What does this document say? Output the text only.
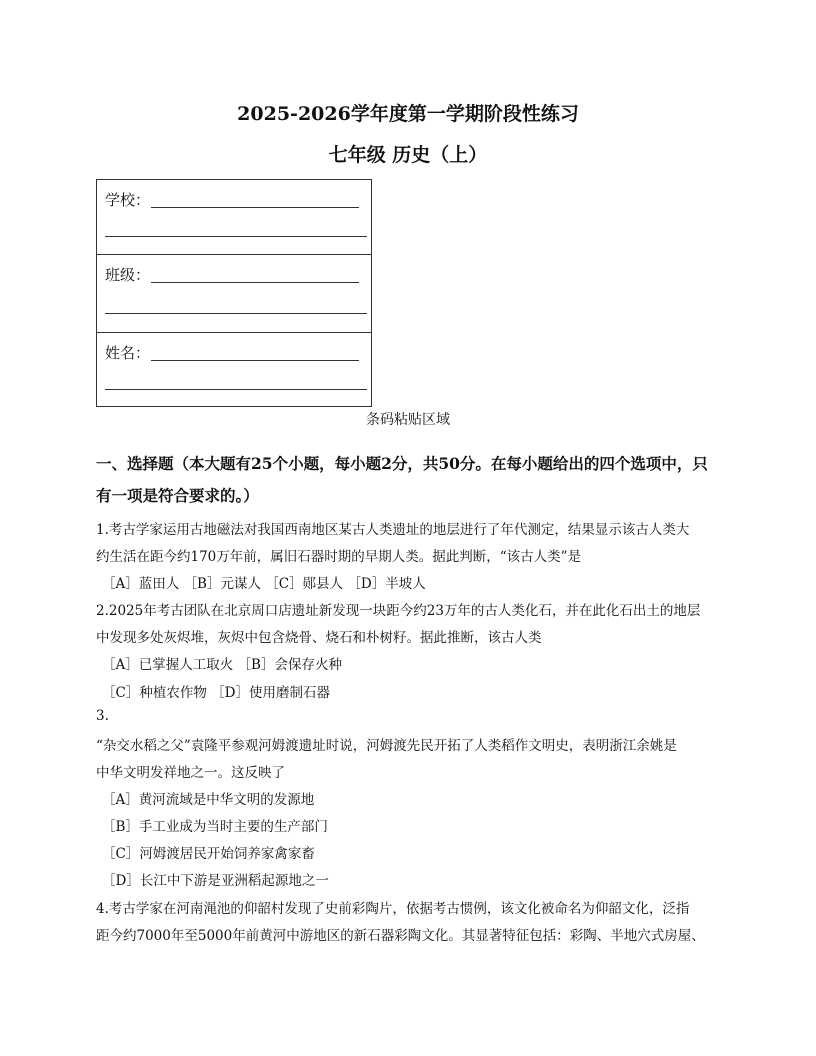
2025-2026学年度第一学期阶段性练习
七年级 历史（上）
学校：
班级：
姓名：
条码粘贴区域
一、选择题（本大题有25个小题，每小题2分，共50分。在每小题给出的四个选项中，只
有一项是符合要求的。）
1.考古学家运用古地磁法对我国西南地区某古人类遗址的地层进行了年代测定，结果显示该古人类大
约生活在距今约170万年前，属旧石器时期的早期人类。据此判断，“该古人类”是
［A］蓝田人 ［B］元谋人 ［C］郧县人 ［D］半坡人
2.2025年考古团队在北京周口店遗址新发现一块距今约23万年的古人类化石，并在此化石出土的地层
中发现多处灰烬堆，灰烬中包含烧骨、烧石和朴树籽。据此推断，该古人类
［A］已掌握人工取火 ［B］会保存火种
［C］种植农作物 ［D］使用磨制石器
3.
“杂交水稻之父”袁隆平参观河姆渡遗址时说，河姆渡先民开拓了人类稻作文明史，表明浙江余姚是
中华文明发祥地之一。这反映了
［A］黄河流域是中华文明的发源地
［B］手工业成为当时主要的生产部门
［C］河姆渡居民开始饲养家禽家畜
［D］长江中下游是亚洲稻起源地之一
4.考古学家在河南渑池的仰韶村发现了史前彩陶片，依据考古惯例，该文化被命名为仰韶文化，泛指
距今约7000年至5000年前黄河中游地区的新石器彩陶文化。其显著特征包括：彩陶、半地穴式房屋、
